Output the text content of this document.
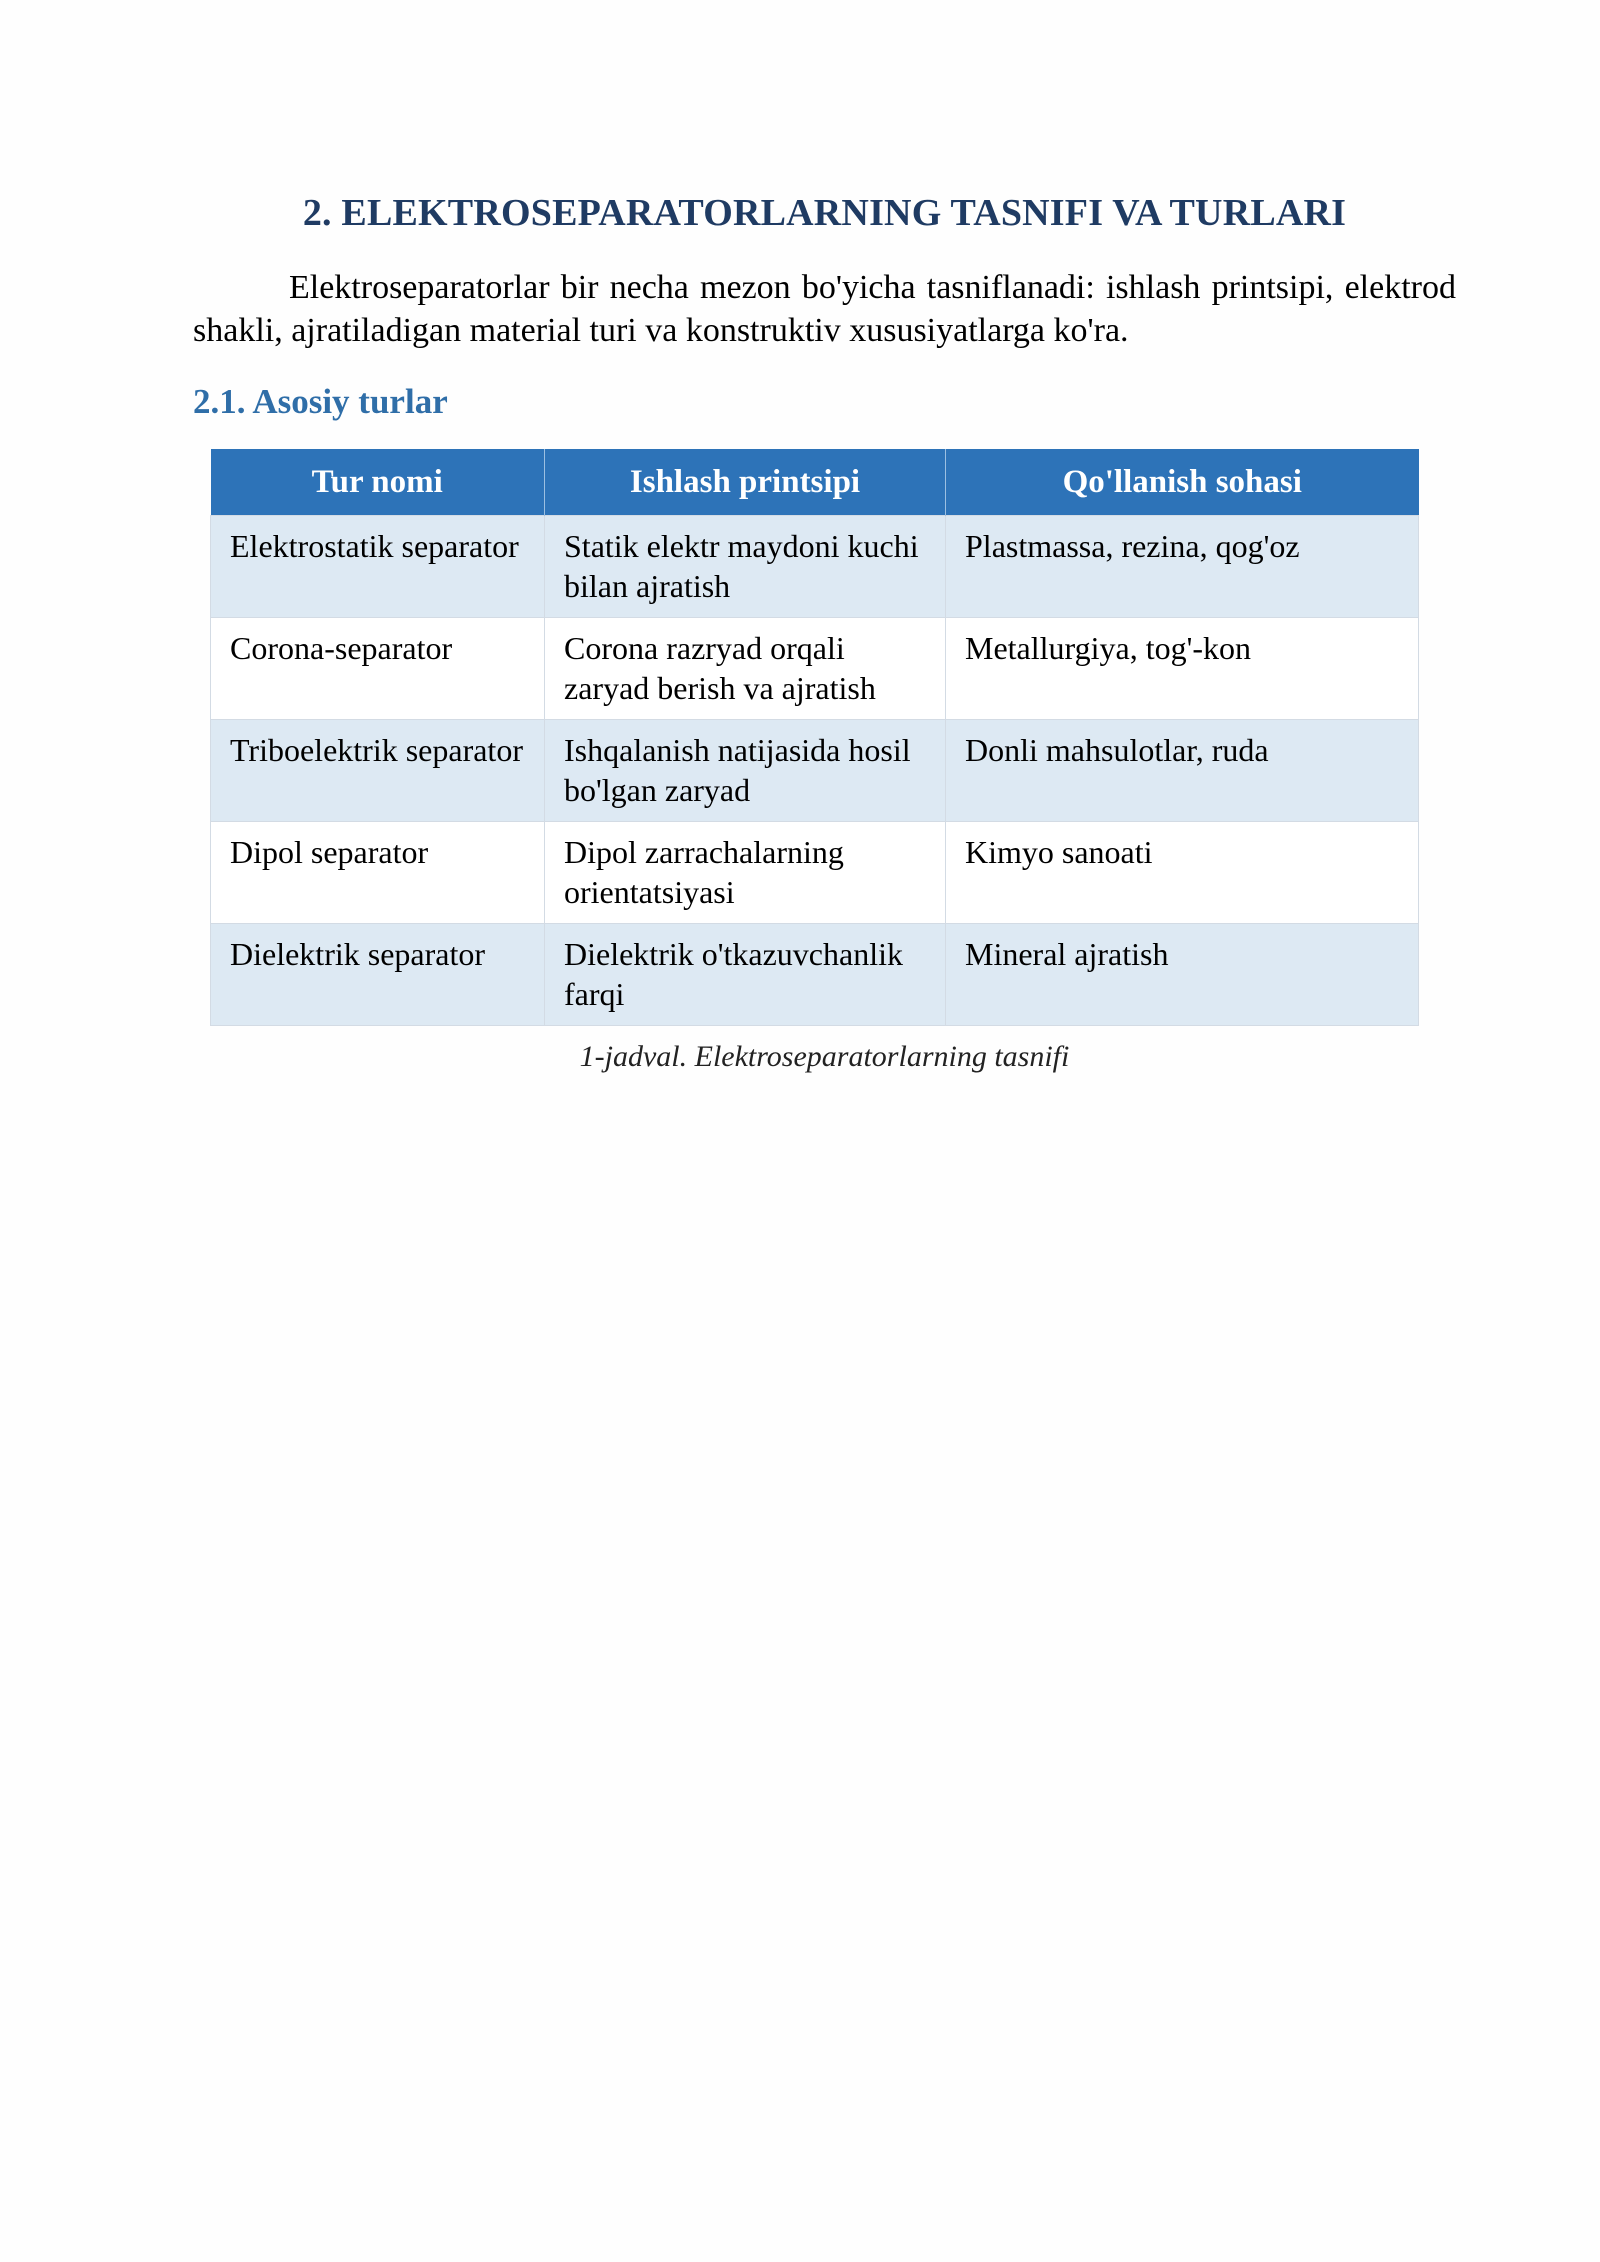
2. ELEKTROSEPARATORLARNING TASNIFI VA TURLARI

Elektroseparatorlar bir necha mezon bo'yicha tasniflanadi: ishlash printsipi, elektrod shakli, ajratiladigan material turi va konstruktiv xususiyatlarga ko'ra.

2.1. Asosiy turlar
Tur nomi	Ishlash printsipi	Qo'llanish sohasi
Elektrostatik separator	Statik elektr maydoni kuchi bilan ajratish	Plastmassa, rezina, qog'oz
Corona-separator	Corona razryad orqali zaryad berish va ajratish	Metallurgiya, tog'-kon
Triboelektrik separator	Ishqalanish natijasida hosil bo'lgan zaryad	Donli mahsulotlar, ruda
Dipol separator	Dipol zarrachalarning orientatsiyasi	Kimyo sanoati
Dielektrik separator	Dielektrik o'tkazuvchanlik farqi	Mineral ajratish

1-jadval. Elektroseparatorlarning tasnifi
